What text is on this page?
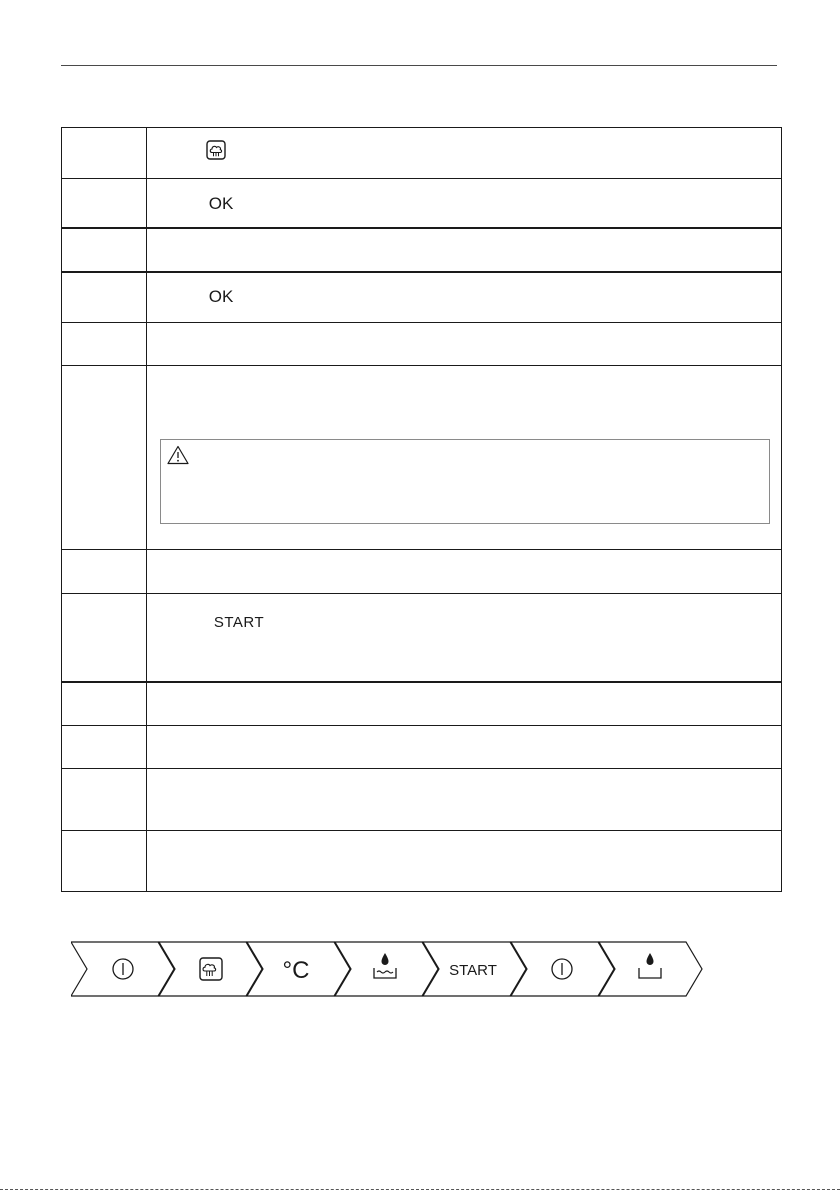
OK
OK
START
°C	START
